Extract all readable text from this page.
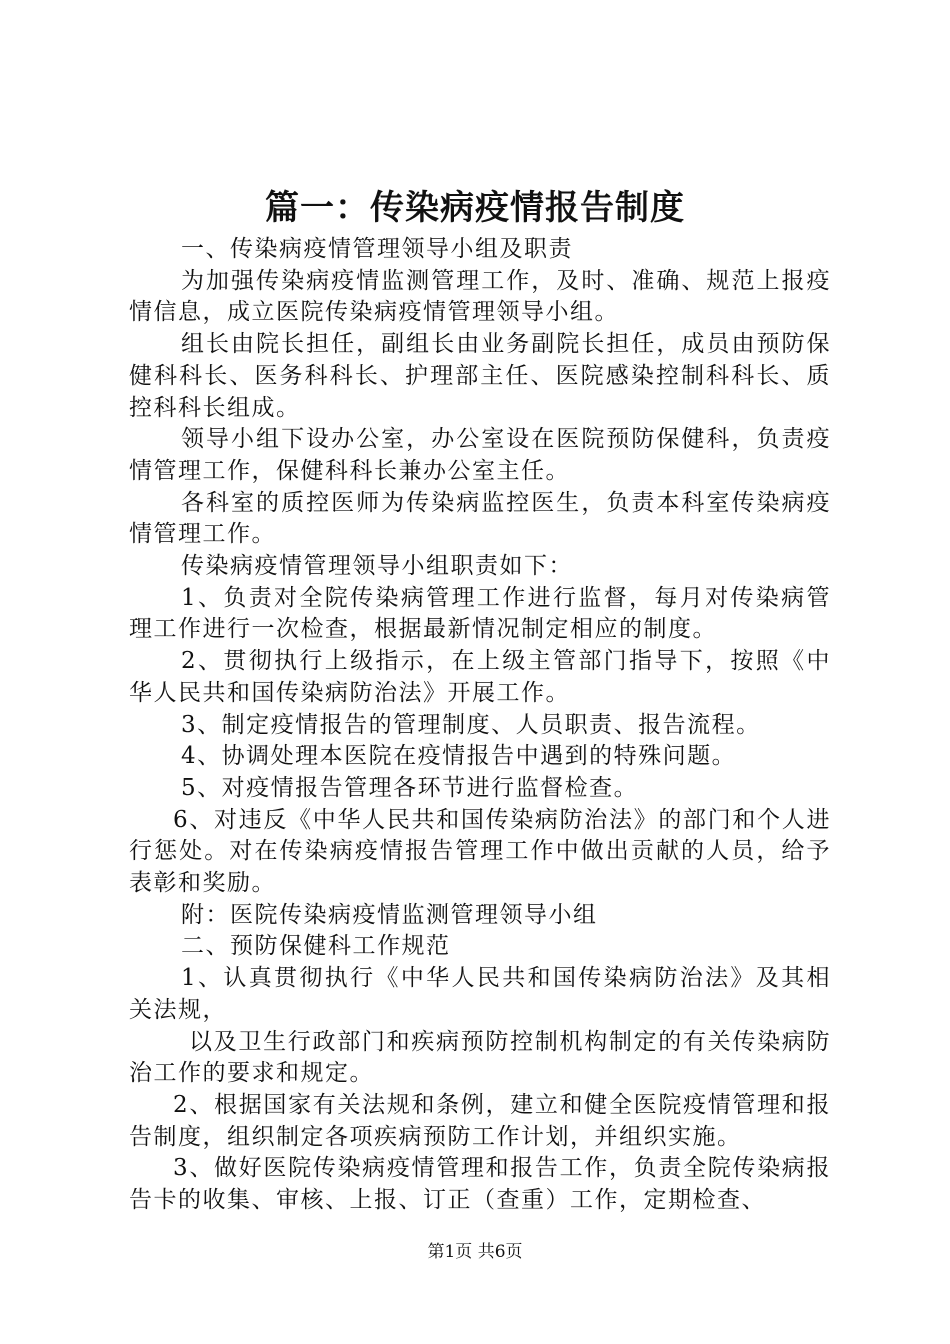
篇一：传染病疫情报告制度

一、传染病疫情管理领导小组及职责

为加强传染病疫情监测管理工作，及时、准确、规范上报疫情信息，成立医院传染病疫情管理领导小组。

组长由院长担任，副组长由业务副院长担任，成员由预防保健科科长、医务科科长、护理部主任、医院感染控制科科长、质控科科长组成。

领导小组下设办公室，办公室设在医院预防保健科，负责疫情管理工作，保健科科长兼办公室主任。

各科室的质控医师为传染病监控医生，负责本科室传染病疫情管理工作。

传染病疫情管理领导小组职责如下：

1、负责对全院传染病管理工作进行监督，每月对传染病管理工作进行一次检查，根据最新情况制定相应的制度。

2、贯彻执行上级指示，在上级主管部门指导下，按照《中华人民共和国传染病防治法》开展工作。

3、制定疫情报告的管理制度、人员职责、报告流程。

4、协调处理本医院在疫情报告中遇到的特殊问题。

5、对疫情报告管理各环节进行监督检查。

6、对违反《中华人民共和国传染病防治法》的部门和个人进行惩处。对在传染病疫情报告管理工作中做出贡献的人员，给予表彰和奖励。

附：医院传染病疫情监测管理领导小组

二、预防保健科工作规范

1、认真贯彻执行《中华人民共和国传染病防治法》及其相关法规，

以及卫生行政部门和疾病预防控制机构制定的有关传染病防治工作的要求和规定。

2、根据国家有关法规和条例，建立和健全医院疫情管理和报告制度，组织制定各项疾病预防工作计划，并组织实施。

3、做好医院传染病疫情管理和报告工作，负责全院传染病报告卡的收集、审核、上报、订正（查重）工作，定期检查、

第1页 共6页
